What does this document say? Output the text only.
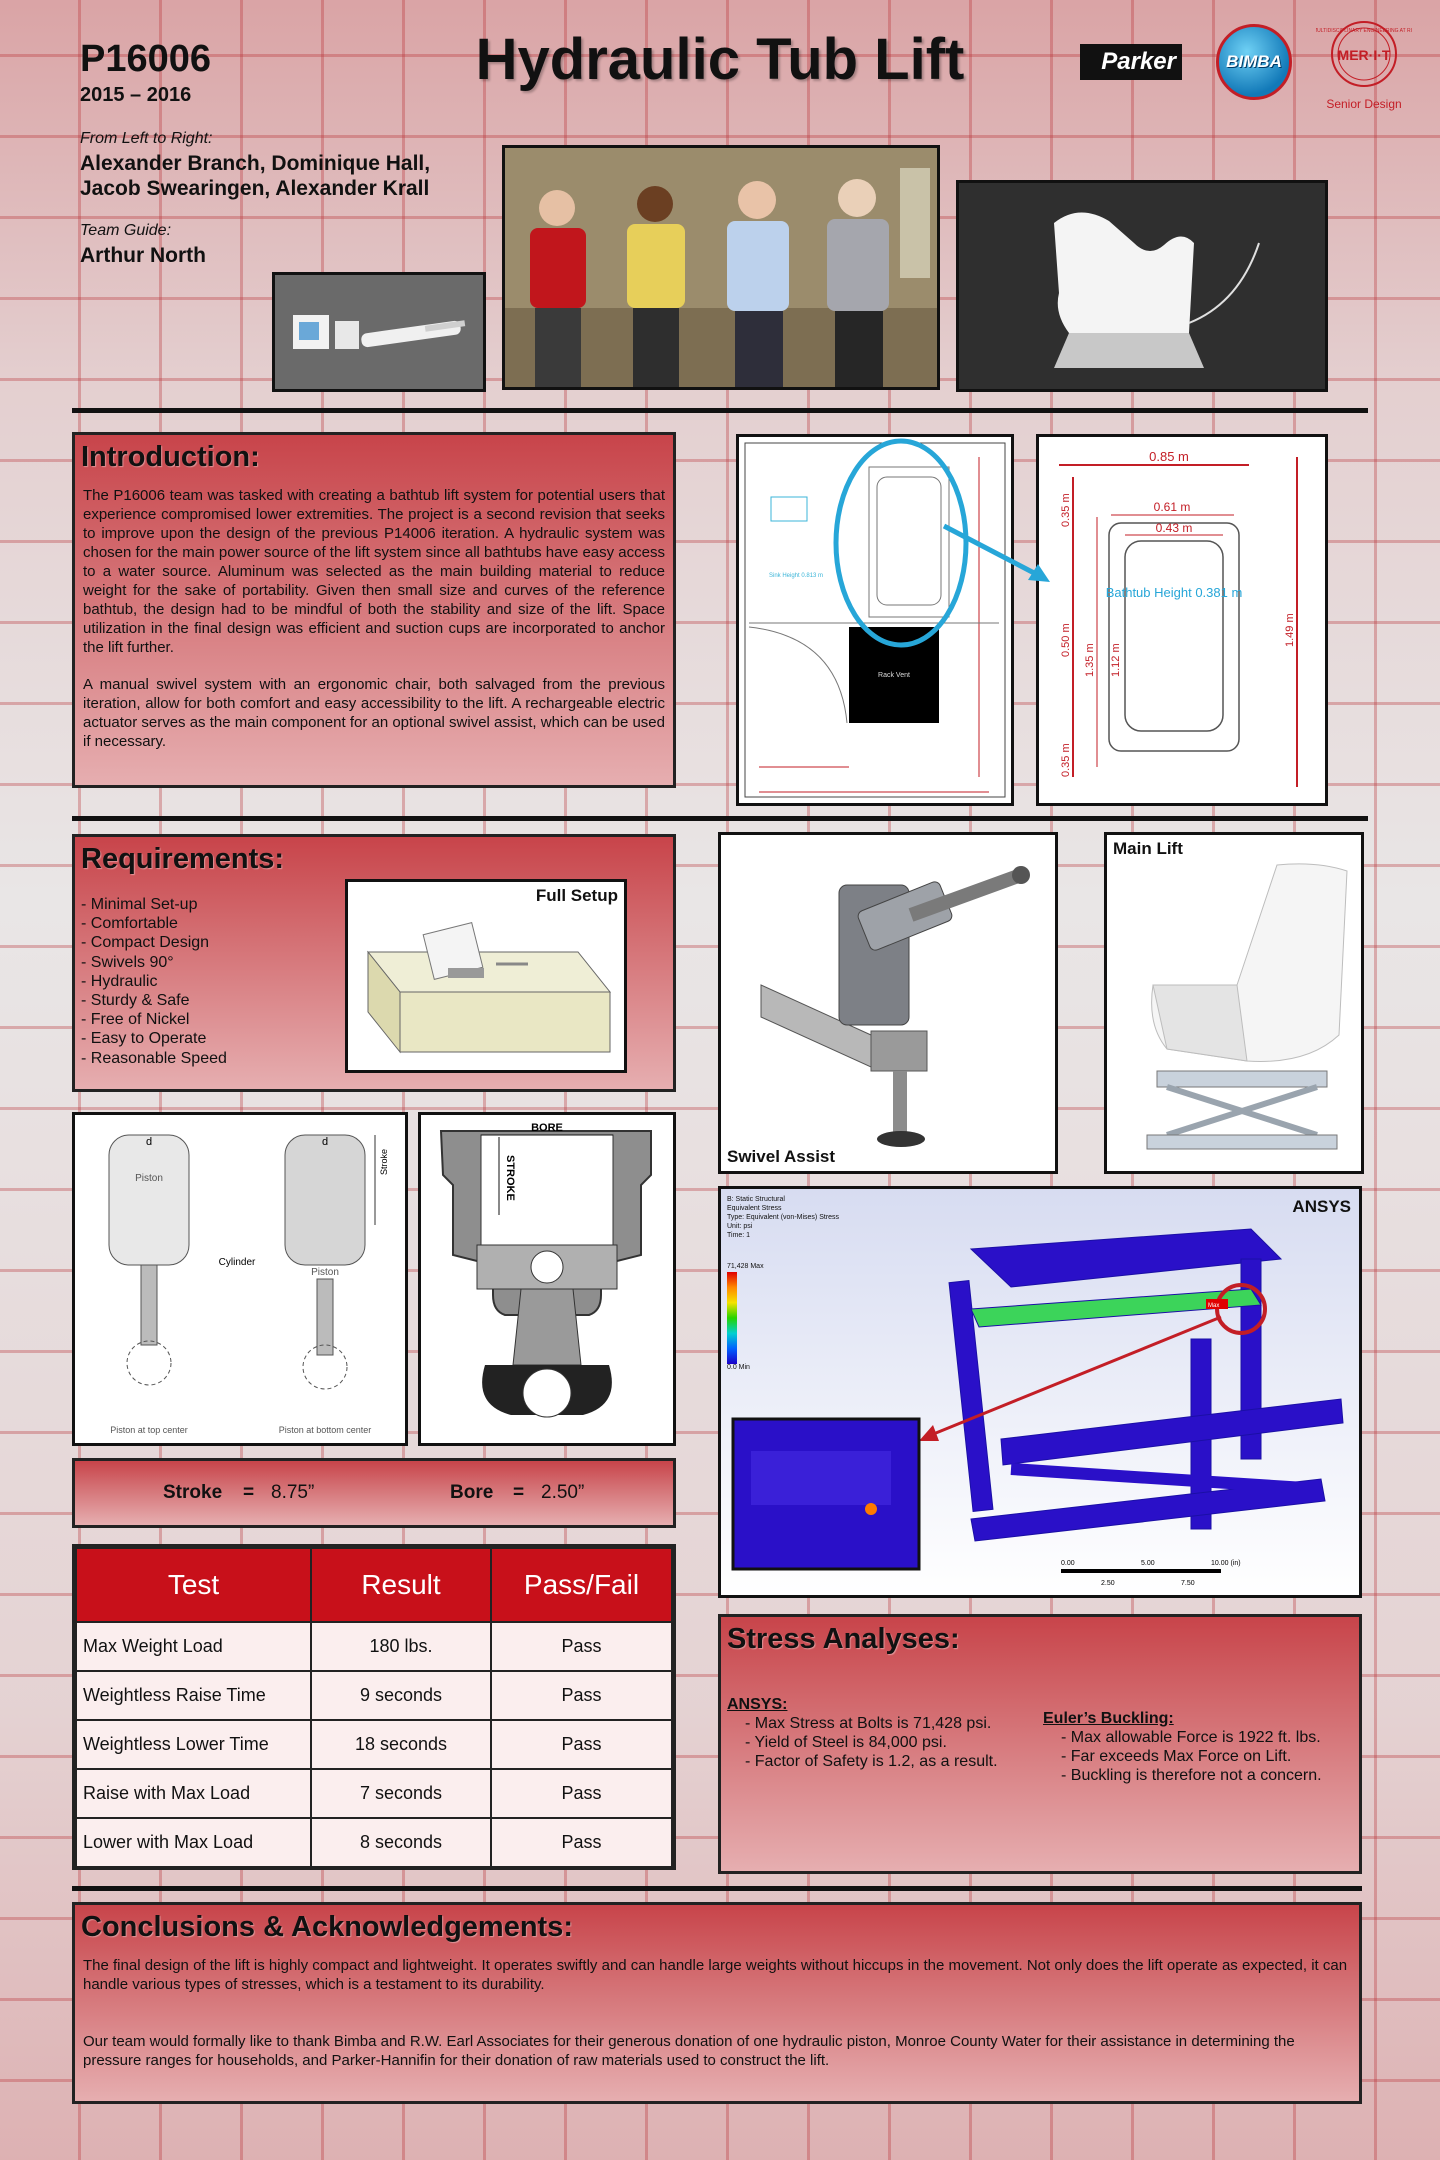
P16006
2015 – 2016
Hydraulic Tub Lift	Parker	BIMBA
MULTIDISCIPLINARY ENGINEERING AT RIT
MER·I·T
Senior Design
From Left to Right:
Alexander Branch, Dominique Hall,
Jacob Swearingen, Alexander Krall
Team Guide:
Arthur North
Introduction:

The P16006 team was tasked with creating a bathtub lift system for potential users that experience compromised lower extremities. The project is a second revision that seeks to improve upon the design of the previous P14006 iteration. A hydraulic system was chosen for the main power source of the lift system since all bathtubs have easy access to a water source. Aluminum was selected as the main building material to reduce weight for the sake of portability. Given then small size and curves of the reference bathtub, the design had to be mindful of both the stability and size of the lift. Space utilization in the final design was efficient and suction cups are incorporated to anchor the lift further.

A manual swivel system with an ergonomic chair, both salvaged from the previous iteration, allow for both comfort and easy accessibility to the lift. A rechargeable electric actuator serves as the main component for an optional swivel assist, which can be used if necessary.

Rack Vent
Sink Height 0.813 m
0.85 m
0.61 m
0.43 m
Bathtub Height 0.381 m
0.35 m
0.50 m
0.35 m
1.35 m 1.12 m
1.49 m
Requirements:
- Minimal Set-up
- Comfortable
- Compact Design
- Swivels 90°
- Hydraulic
- Sturdy & Safe
- Free of Nickel
- Easy to Operate
- Reasonable Speed
Full Setup
Swivel Assist
Main Lift
d
Piston
d
Piston
Stroke
Cylinder
Piston at top center	Piston at bottom center
BORE
STROKE
Stroke = 8.75”	Bore = 2.50”
Test	Result	Pass/Fail
Max Weight Load	180 lbs.	Pass
Weightless Raise Time	9 seconds	Pass
Weightless Lower Time	18 seconds	Pass
Raise with Max Load	7 seconds	Pass
Lower with Max Load	8 seconds	Pass
ANSYS
B: Static Structural
Equivalent Stress
Type: Equivalent (von-Mises) Stress
Unit: psi
Time: 1
71,428 Max
0.0 Min
Max
0.00	5.00	10.00 (in)
2.50	7.50
Stress Analyses:
ANSYS:
- Max Stress at Bolts is 71,428 psi.
- Yield of Steel is 84,000 psi.
- Factor of Safety is 1.2, as a result.
Euler’s Buckling:
- Max allowable Force is 1922 ft. lbs.
- Far exceeds Max Force on Lift.
- Buckling is therefore not a concern.
Conclusions & Acknowledgements:

The final design of the lift is highly compact and lightweight. It operates swiftly and can handle large weights without hiccups in the movement. Not only does the lift operate as expected, it can handle various types of stresses, which is a testament to its durability.

Our team would formally like to thank Bimba and R.W. Earl Associates for their generous donation of one hydraulic piston, Monroe County Water for their assistance in determining the pressure ranges for households, and Parker-Hannifin for their donation of raw materials used to construct the lift.
